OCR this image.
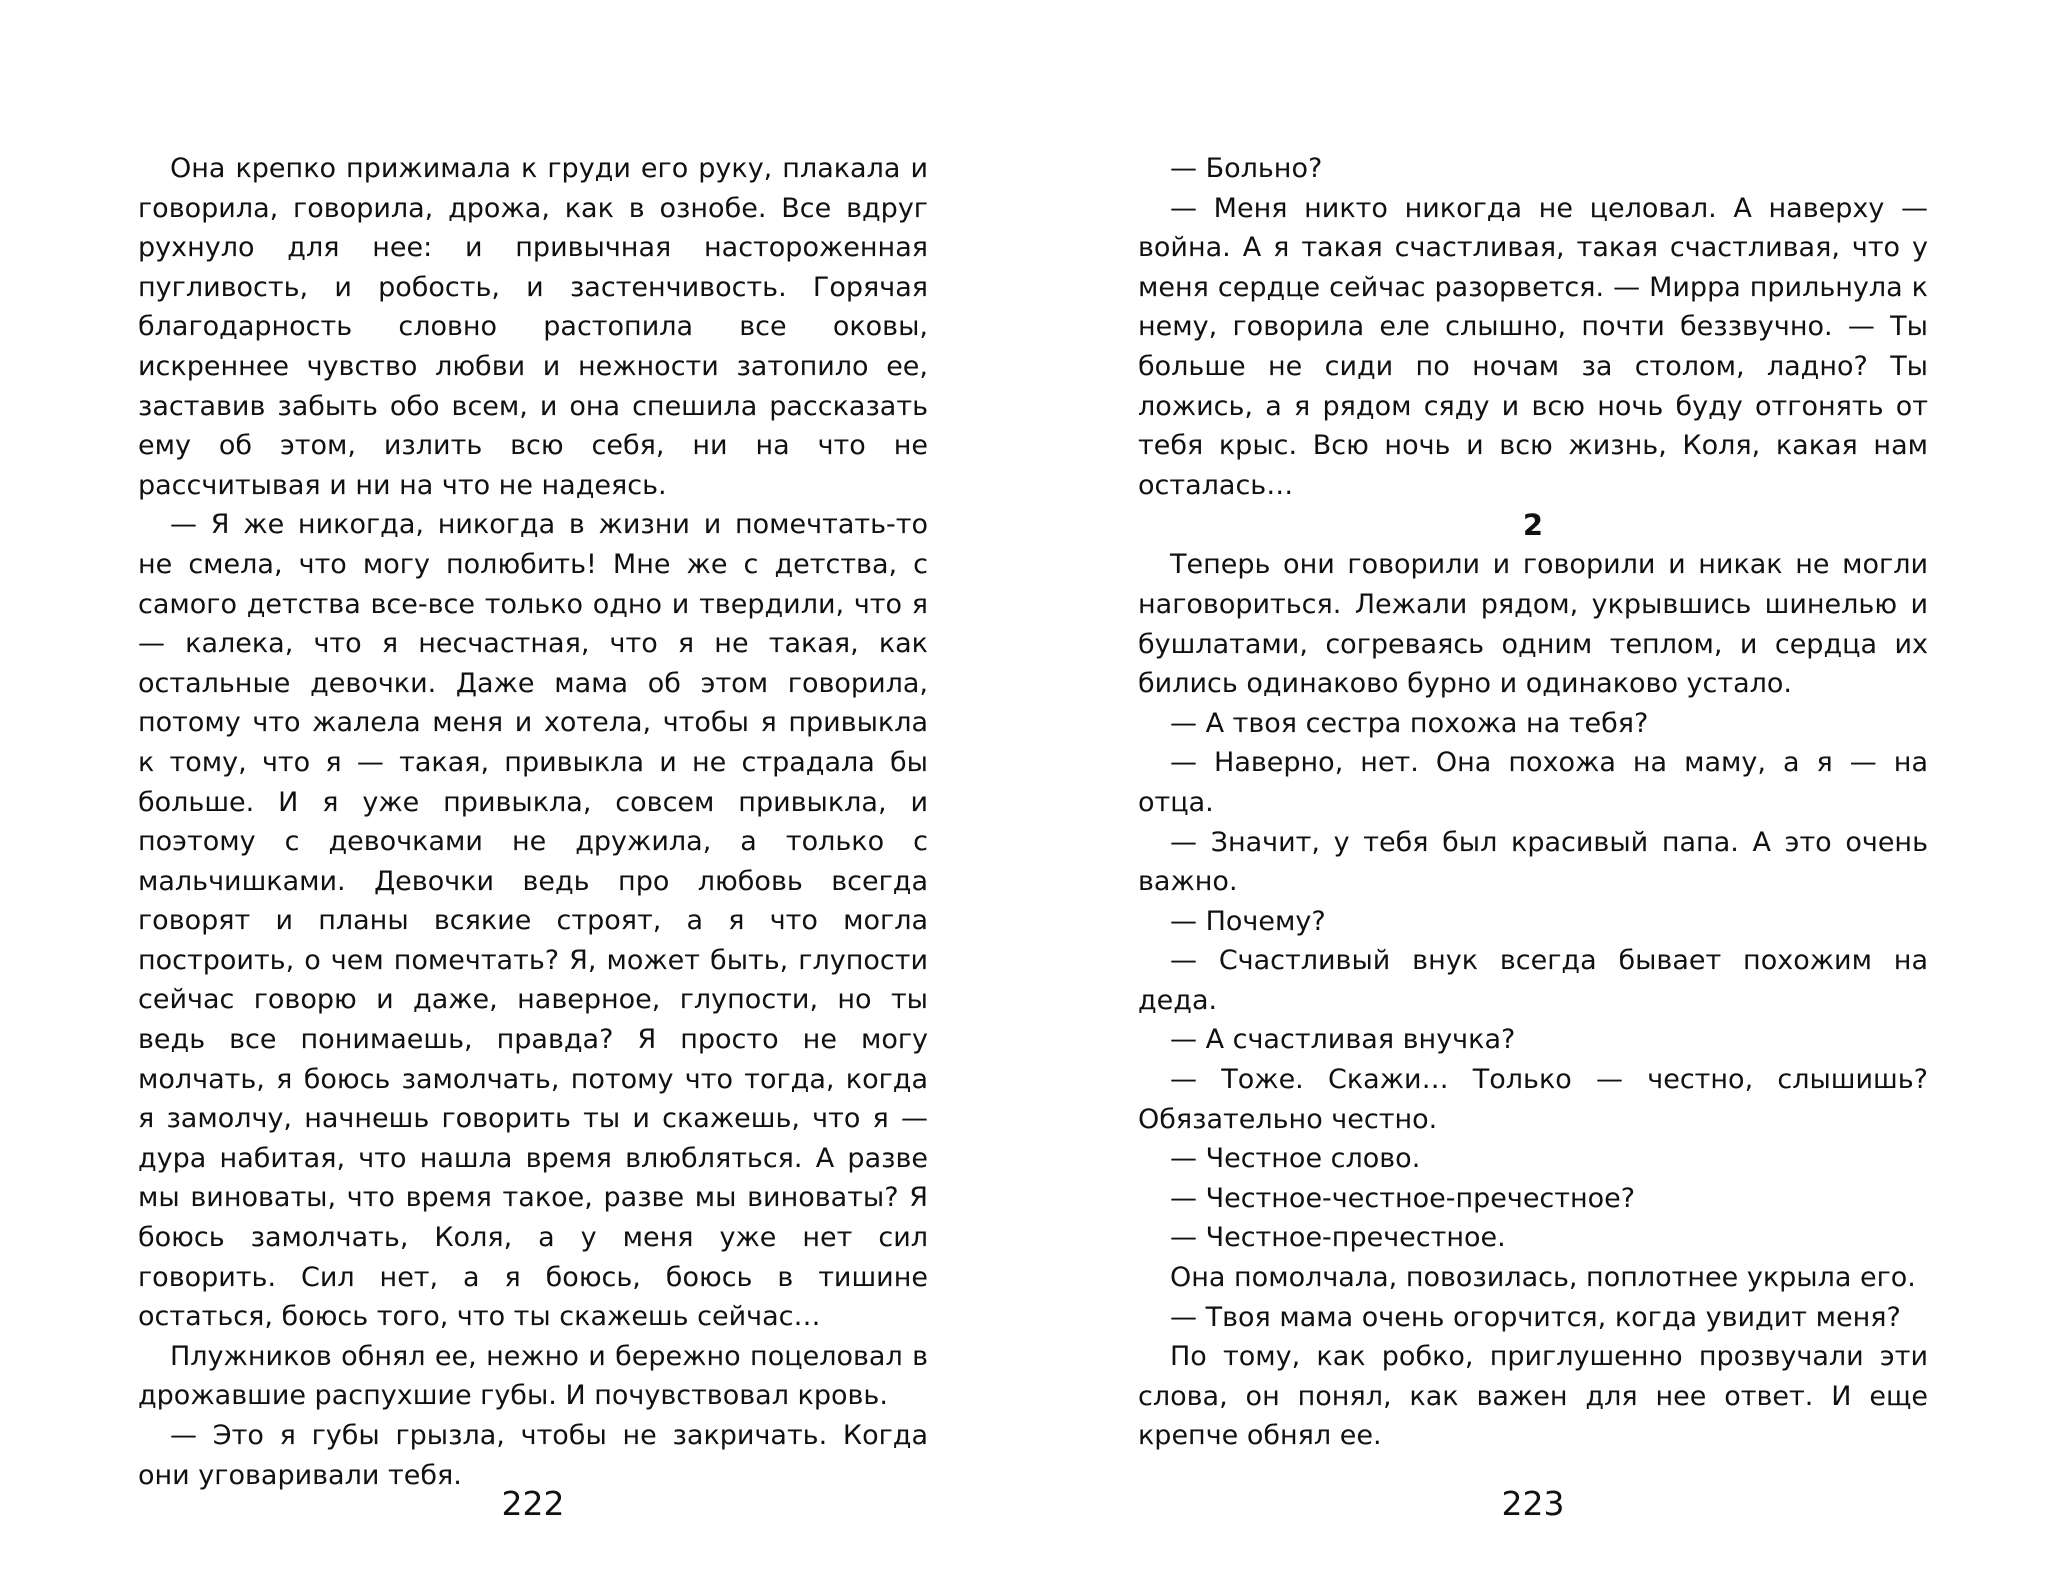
Она крепко прижимала к груди его руку, плакала и говорила, говорила, дрожа, как в ознобе. Все вдруг рухнуло для нее: и привычная настороженная пугливость, и робость, и застенчивость. Горячая благодарность словно растопила все оковы, искреннее чувство любви и нежности затопило ее, заставив забыть обо всем, и она спешила рассказать ему об этом, излить всю себя, ни на что не рассчитывая и ни на что не надеясь.

— Я же никогда, никогда в жизни и помечтать-то не смела, что могу полюбить! Мне же с детства, с самого детства все-все только одно и твердили, что я — калека, что я несчастная, что я не такая, как остальные девочки. Даже мама об этом говорила, потому что жалела меня и хотела, чтобы я привыкла к тому, что я — такая, привыкла и не страдала бы больше. И я уже привыкла, совсем привыкла, и поэтому с девочками не дружила, а только с мальчишками. Девочки ведь про любовь всегда говорят и планы всякие строят, а я что могла построить, о чем помечтать? Я, может быть, глупости сейчас говорю и даже, наверное, глупости, но ты ведь все понимаешь, правда? Я просто не могу молчать, я боюсь замолчать, потому что тогда, когда я замолчу, начнешь говорить ты и скажешь, что я — дура набитая, что нашла время влюбляться. А разве мы виноваты, что время такое, разве мы виноваты? Я боюсь замолчать, Коля, а у меня уже нет сил говорить. Сил нет, а я боюсь, боюсь в тишине остаться, боюсь того, что ты скажешь сейчас…

Плужников обнял ее, нежно и бережно поцеловал в дрожавшие распухшие губы. И почувствовал кровь.

— Это я губы грызла, чтобы не закричать. Когда они уговаривали тебя.

222

— Больно?

— Меня никто никогда не целовал. А наверху — война. А я такая счастливая, такая счастливая, что у меня сердце сейчас разорвется. — Мирра прильнула к нему, говорила еле слышно, почти беззвучно. — Ты больше не сиди по ночам за столом, ладно? Ты ложись, а я рядом сяду и всю ночь буду отгонять от тебя крыс. Всю ночь и всю жизнь, Коля, какая нам осталась…

2

Теперь они говорили и говорили и никак не могли наговориться. Лежали рядом, укрывшись шинелью и бушлатами, согреваясь одним теплом, и сердца их бились одинаково бурно и одинаково устало.

— А твоя сестра похожа на тебя?

— Наверно, нет. Она похожа на маму, а я — на отца.

— Значит, у тебя был красивый папа. А это очень важно.

— Почему?

— Счастливый внук всегда бывает похожим на деда.

— А счастливая внучка?

— Тоже. Скажи… Только — честно, слышишь? Обязательно честно.

— Честное слово.

— Честное-честное-пречестное?

— Честное-пречестное.

Она помолчала, повозилась, поплотнее укрыла его.

— Твоя мама очень огорчится, когда увидит меня?

По тому, как робко, приглушенно прозвучали эти слова, он понял, как важен для нее ответ. И еще крепче обнял ее.

223
